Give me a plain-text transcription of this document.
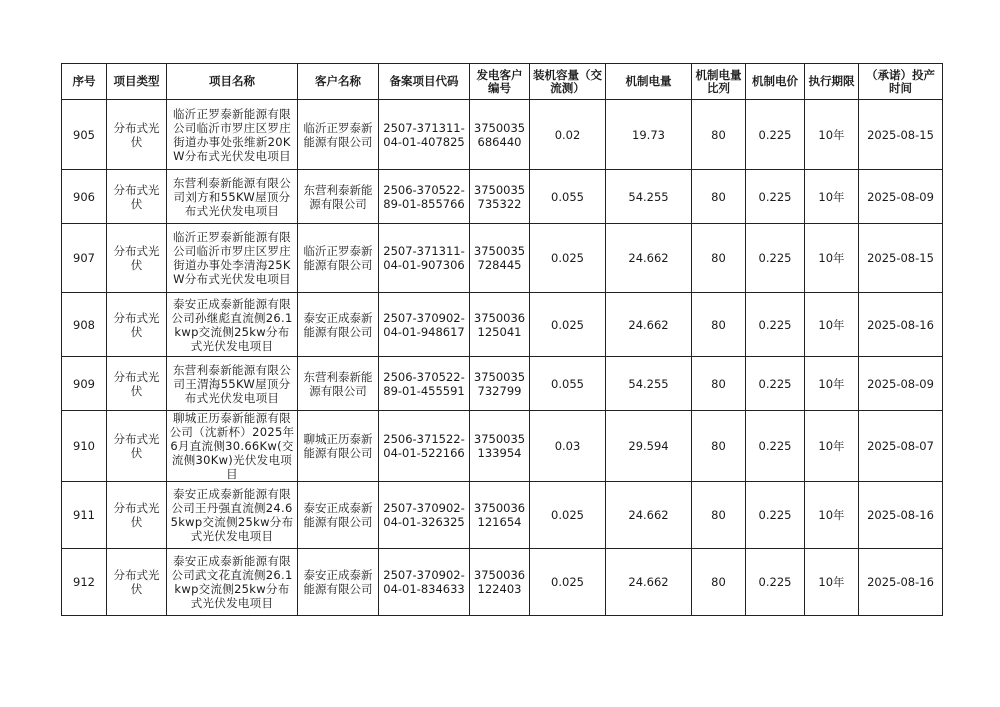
序号	项目类型	项目名称	客户名称	备案项目代码	发电客户编号	装机容量（交流测）	机制电量	机制电量比列	机制电价	执行期限	（承诺）投产时间
905	分布式光伏	临沂正罗泰新能源有限公司临沂市罗庄区罗庄街道办事处张维新20KW分布式光伏发电项目	临沂正罗泰新能源有限公司	2507-371311-04-01-407825	3750035686440	0.02	19.73	80	0.225	10年	2025-08-15
906	分布式光伏	东营利泰新能源有限公司刘方和55KW屋顶分布式光伏发电项目	东营利泰新能源有限公司	2506-370522-89-01-855766	3750035735322	0.055	54.255	80	0.225	10年	2025-08-09
907	分布式光伏	临沂正罗泰新能源有限公司临沂市罗庄区罗庄街道办事处李清海25KW分布式光伏发电项目	临沂正罗泰新能源有限公司	2507-371311-04-01-907306	3750035728445	0.025	24.662	80	0.225	10年	2025-08-15
908	分布式光伏	泰安正成泰新能源有限公司孙继彪直流侧26.1kwp交流侧25kw分布式光伏发电项目	泰安正成泰新能源有限公司	2507-370902-04-01-948617	3750036125041	0.025	24.662	80	0.225	10年	2025-08-16
909	分布式光伏	东营利泰新能源有限公司王渭海55KW屋顶分布式光伏发电项目	东营利泰新能源有限公司	2506-370522-89-01-455591	3750035732799	0.055	54.255	80	0.225	10年	2025-08-09
910	分布式光伏	聊城正历泰新能源有限公司（沈新杯）2025年6月直流侧30.66Kw(交流侧30Kw)光伏发电项目	聊城正历泰新能源有限公司	2506-371522-04-01-522166	3750035133954	0.03	29.594	80	0.225	10年	2025-08-07
911	分布式光伏	泰安正成泰新能源有限公司王丹强直流侧24.65kwp交流侧25kw分布式光伏发电项目	泰安正成泰新能源有限公司	2507-370902-04-01-326325	3750036121654	0.025	24.662	80	0.225	10年	2025-08-16
912	分布式光伏	泰安正成泰新能源有限公司武文花直流侧26.1kwp交流侧25kw分布式光伏发电项目	泰安正成泰新能源有限公司	2507-370902-04-01-834633	3750036122403	0.025	24.662	80	0.225	10年	2025-08-16
